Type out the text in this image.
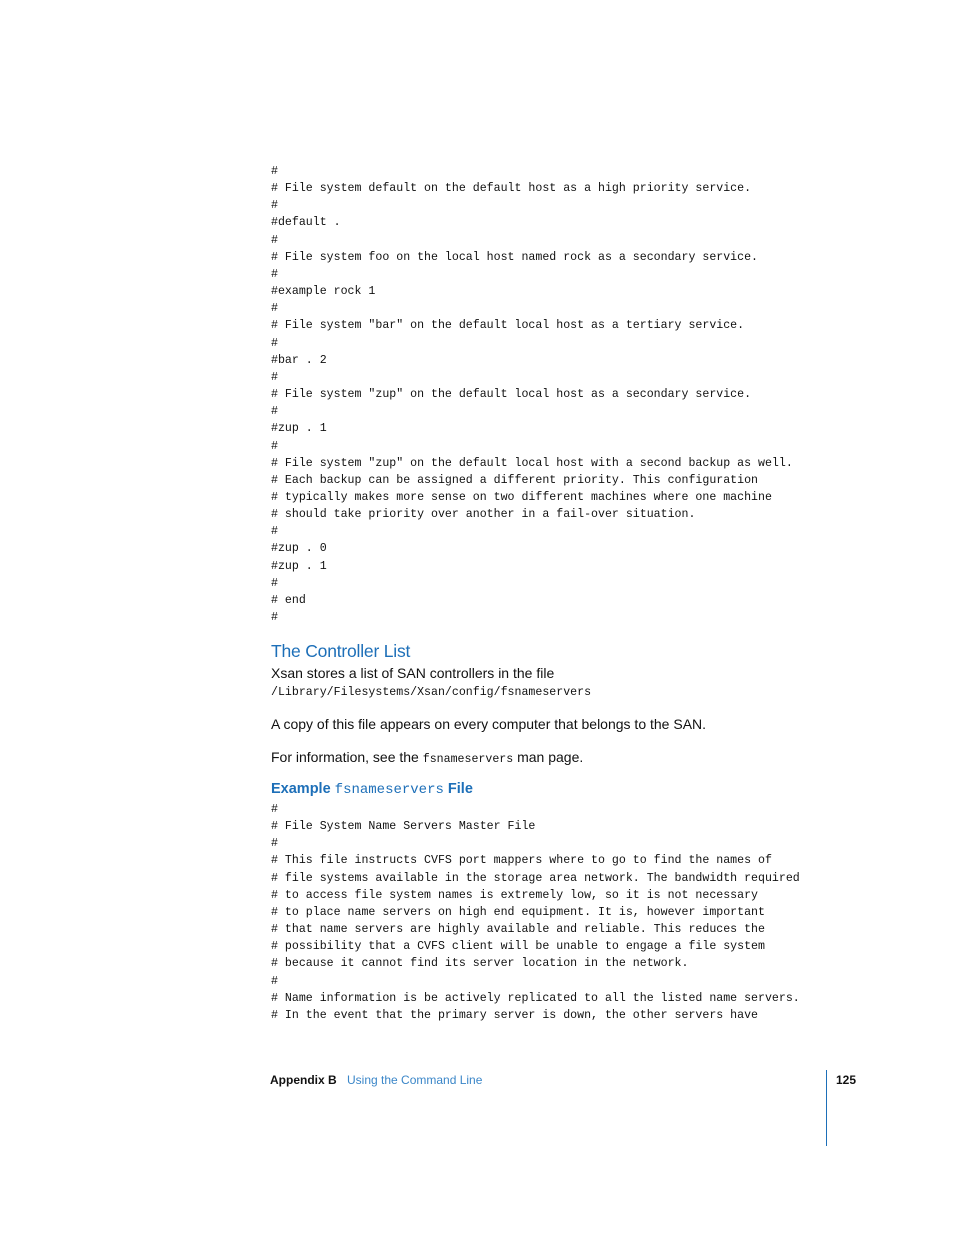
#
# File system default on the default host as a high priority service.
#
#default .
#
# File system foo on the local host named rock as a secondary service.
#
#example rock 1
#
# File system "bar" on the default local host as a tertiary service.
#
#bar . 2
#
# File system "zup" on the default local host as a secondary service.
#
#zup . 1
#
# File system "zup" on the default local host with a second backup as well.
# Each backup can be assigned a different priority. This configuration
# typically makes more sense on two different machines where one machine
# should take priority over another in a fail-over situation.
#
#zup . 0
#zup . 1
#
# end
#
The Controller List

Xsan stores a list of SAN controllers in the file

/Library/Filesystems/Xsan/config/fsnameservers

A copy of this file appears on every computer that belongs to the SAN.

For information, see the fsnameservers man page.

Example fsnameservers File
#
# File System Name Servers Master File
#
# This file instructs CVFS port mappers where to go to find the names of
# file systems available in the storage area network. The bandwidth required
# to access file system names is extremely low, so it is not necessary
# to place name servers on high end equipment. It is, however important
# that name servers are highly available and reliable. This reduces the
# possibility that a CVFS client will be unable to engage a file system
# because it cannot find its server location in the network.
#
# Name information is be actively replicated to all the listed name servers.
# In the event that the primary server is down, the other servers have
Appendix B Using the Command Line	125
